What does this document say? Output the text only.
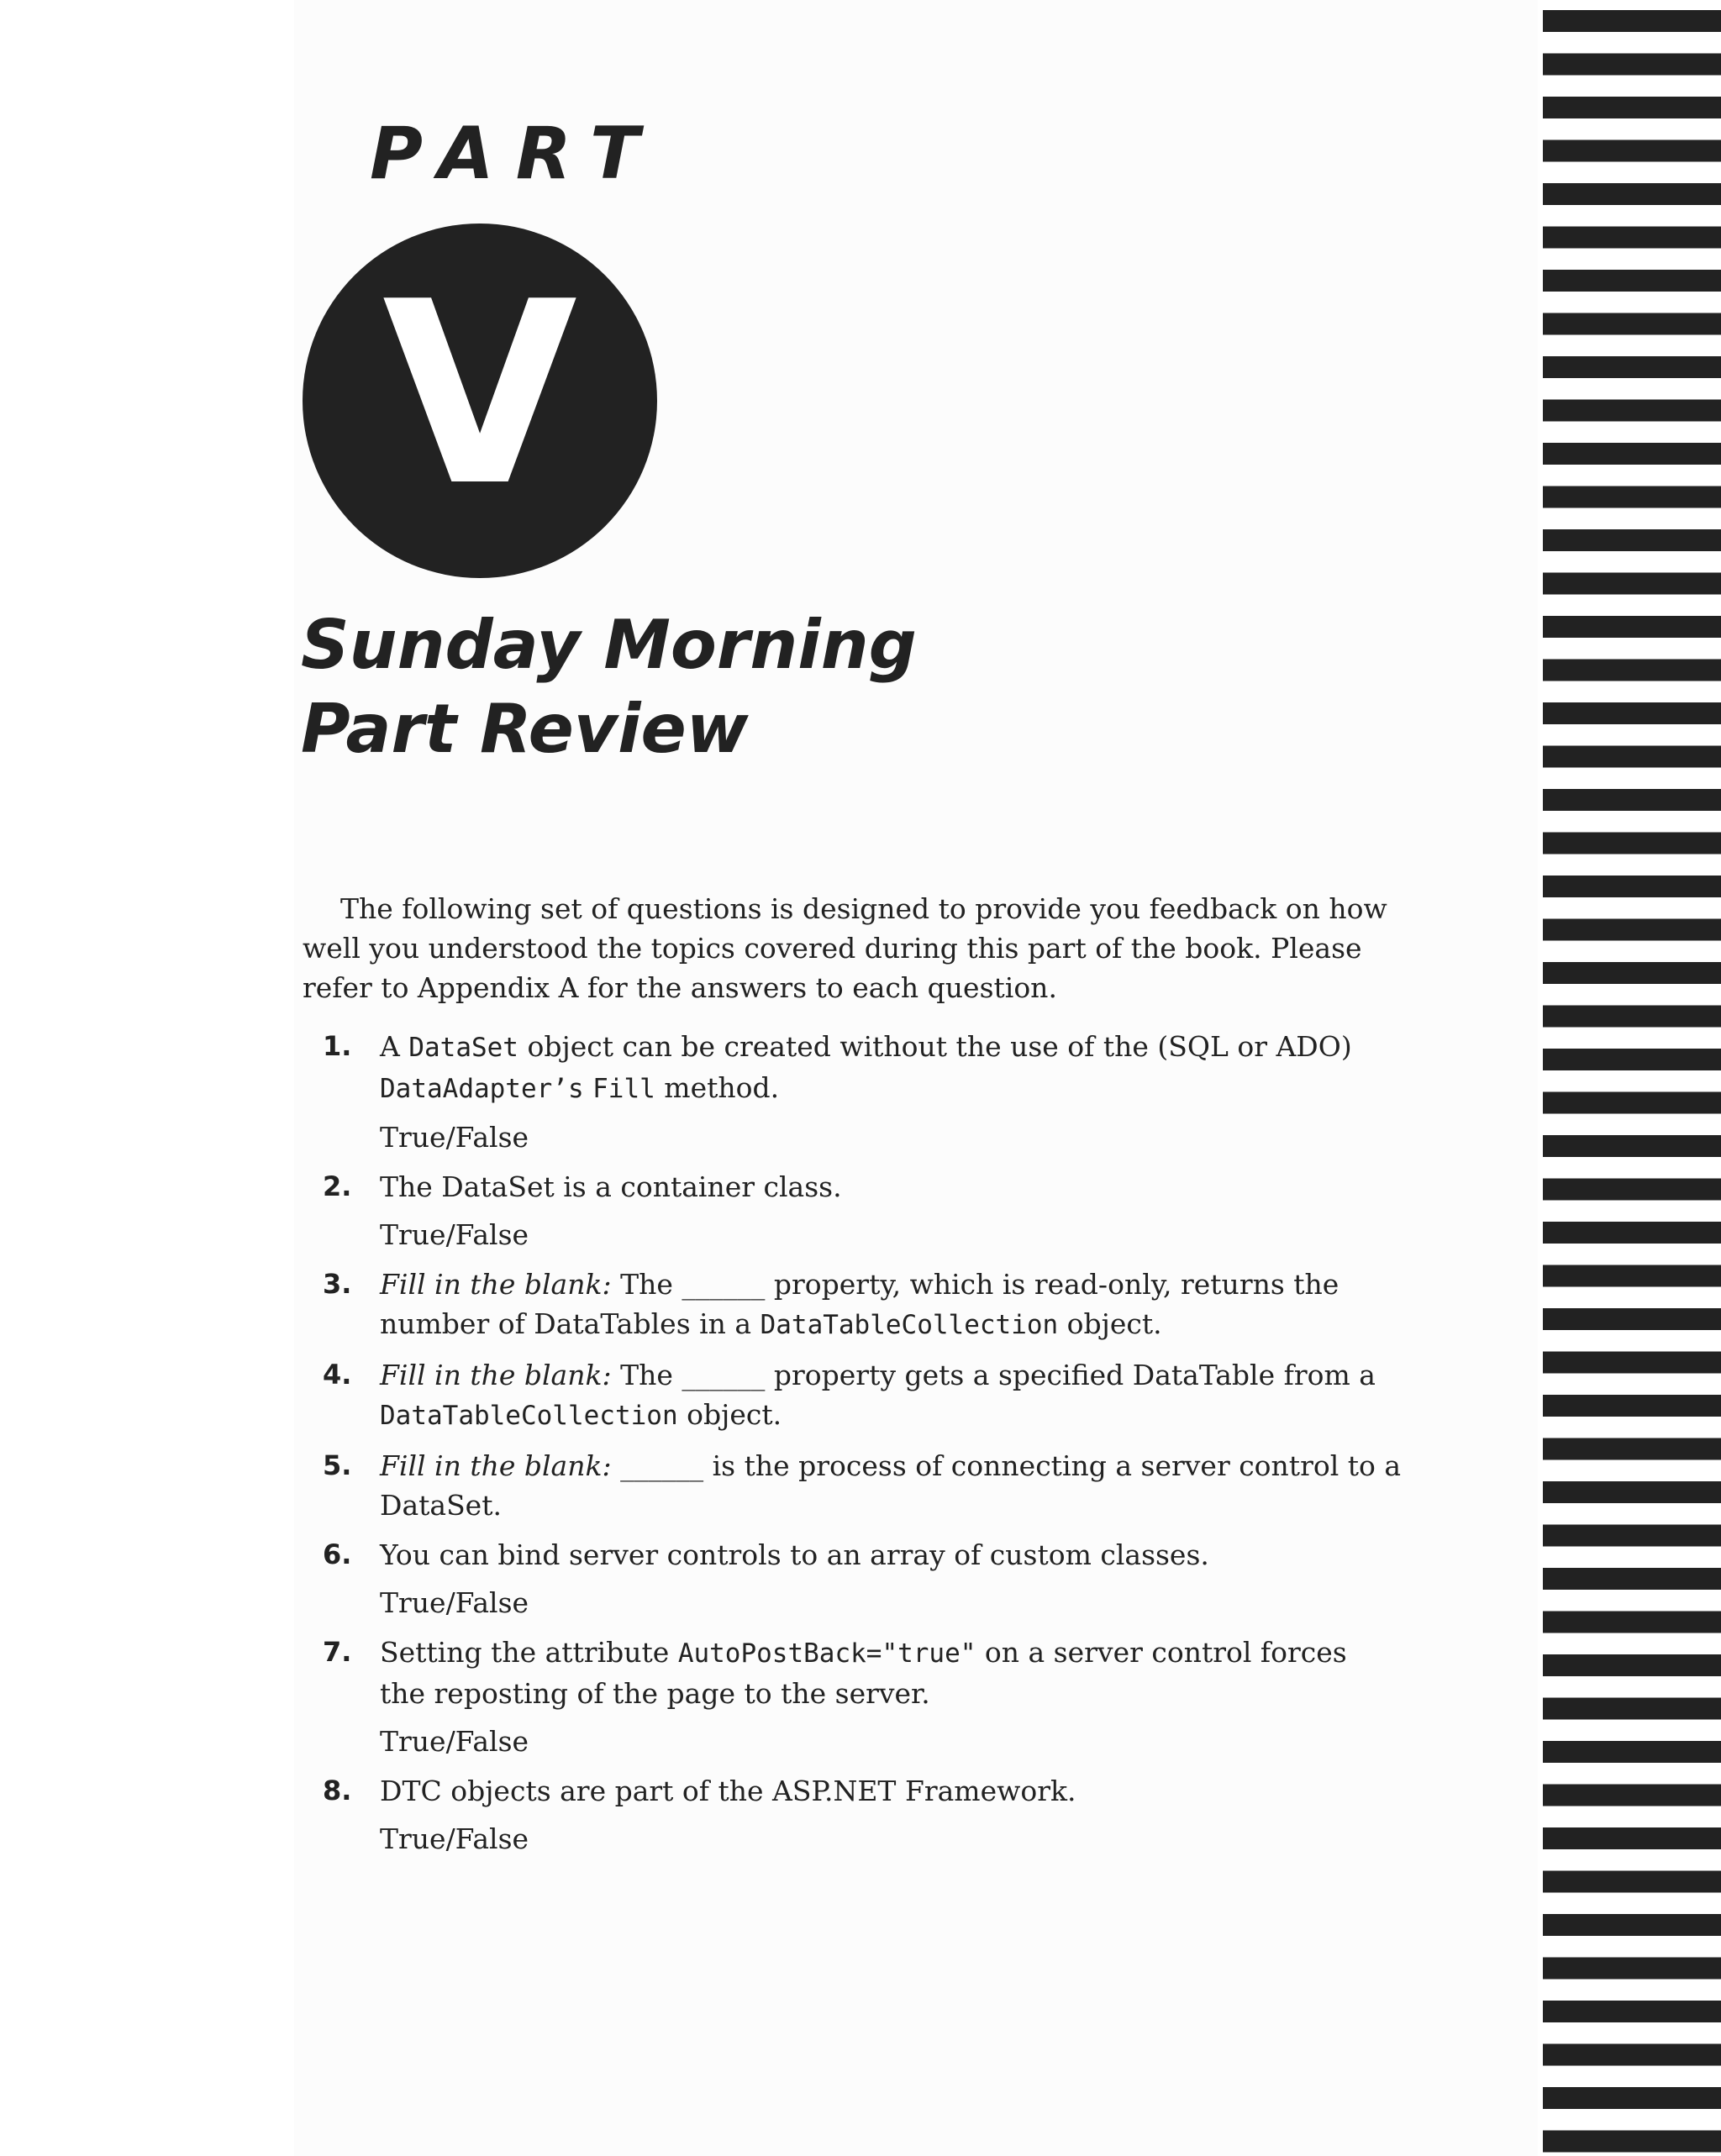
PART
V
Sunday Morning
Part Review
The following set of questions is designed to provide you feedback on how well you understood the topics covered during this part of the book. Please refer to Appendix A for the answers to each question.
1. A DataSet object can be created without the use of the (SQL or ADO)
DataAdapter’s Fill method.
True/False
2. The DataSet is a container class.
True/False
3. Fill in the blank: The ______ property, which is read-only, returns the
number of DataTables in a DataTableCollection object.
4. Fill in the blank: The ______ property gets a specified DataTable from a
DataTableCollection object.
5. Fill in the blank: ______ is the process of connecting a server control to a
DataSet.
6. You can bind server controls to an array of custom classes.
True/False
7. Setting the attribute AutoPostBack="true" on a server control forces
the reposting of the page to the server.
True/False
8. DTC objects are part of the ASP.NET Framework.
True/False
